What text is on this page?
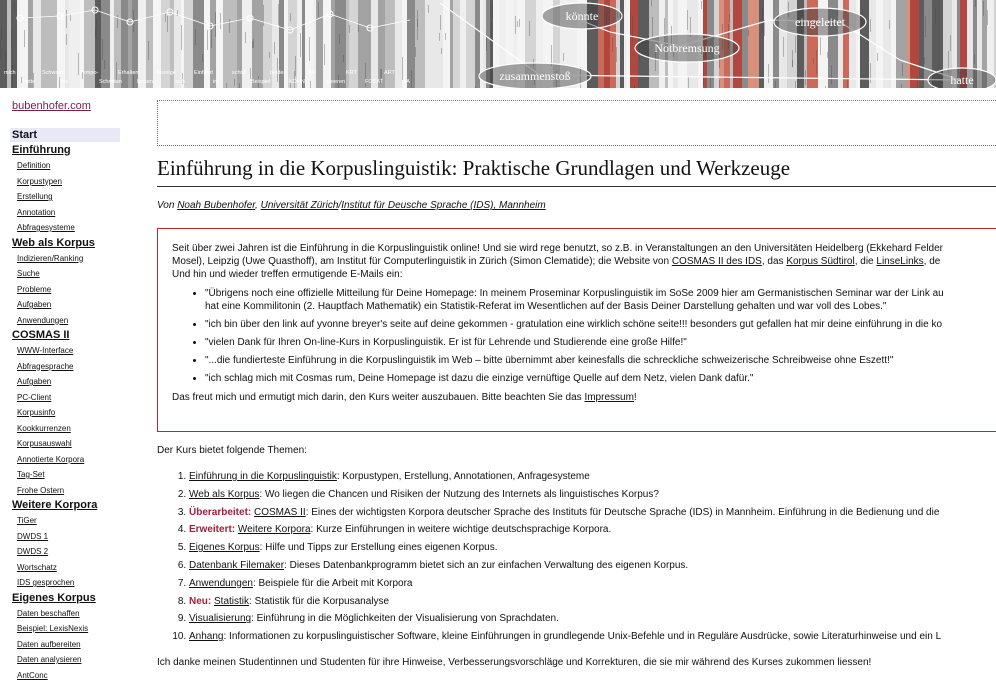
könnte
Notbremsung
eingeleitet
zusammenstoß	hatte
mich
hotte
Schwach
los
Tempo-
Schnitten
Erhalten
lassen
Anzeige
sich
Einfahrt
in
schrift
Beispiel
beider
KOHN
AR
Heeren
KRT
FOSAT
ART
VA
bubenhofer.com
Start
Einführung
Definition
Korpustypen
Erstellung
Annotation
Abfragesysteme
Web als Korpus
Indizieren/Ranking
Suche
Probleme
Aufgaben
Anwendungen
COSMAS II
WWW-Interface
Abfragesprache
Aufgaben
PC-Client
Korpusinfo
Kookkurrenzen
Korpusauswahl
Annotierte Korpora
Tag-Set
Frohe Ostern
Weitere Korpora
TiGer
DWDS 1
DWDS 2
Wortschatz
IDS gesprochen
Eigenes Korpus
Daten beschaffen
Beispiel: LexisNexis
Daten aufbereiten
Daten analysieren
AntConc
Einführung in die Korpuslinguistik: Praktische Grundlagen und Werkzeuge
Von Noah Bubenhofer, Universität Zürich/Institut für Deusche Sprache (IDS), Mannheim

Seit über zwei Jahren ist die Einführung in die Korpuslinguistik online! Und sie wird rege benutzt, so z.B. in Veranstaltungen an den Universitäten Heidelberg (Ekkehard Felder
Mosel), Leipzig (Uwe Quasthoff), am Institut für Computerlinguistik in Zürich (Simon Clematide); die Website von COSMAS II des IDS, das Korpus Südtirol, die LinseLinks, de
Und hin und wieder treffen ermutigende E-Mails ein:

• "Übrigens noch eine offizielle Mitteilung für Deine Homepage: In meinem Proseminar Korpuslinguistik im SoSe 2009 hier am Germanistischen Seminar war der Link au
hat eine Kommilitonin (2. Hauptfach Mathematik) ein Statistik-Referat im Wesentlichen auf der Basis Deiner Darstellung gehalten und war voll des Lobes."
• "ich bin über den link auf yvonne breyer's seite auf deine gekommen - gratulation eine wirklich schöne seite!!! besonders gut gefallen hat mir deine einführung in die ko
• "vielen Dank für Ihren On-line-Kurs in Korpuslinguistik. Er ist für Lehrende und Studierende eine große Hilfe!"
• "...die fundierteste Einführung in die Korpuslinguistik im Web – bitte übernimmt aber keinesfalls die schreckliche schweizerische Schreibweise ohne Eszett!"
• "ich schlag mich mit Cosmas rum, Deine Homepage ist dazu die einzige vernüftige Quelle auf dem Netz, vielen Dank dafür."

Das freut mich und ermutigt mich darin, den Kurs weiter auszubauen. Bitte beachten Sie das Impressum!

Der Kurs bietet folgende Themen:
1. Einführung in die Korpuslinguistik: Korpustypen, Erstellung, Annotationen, Anfragesysteme
2. Web als Korpus: Wo liegen die Chancen und Risiken der Nutzung des Internets als linguistisches Korpus?
3. Überarbeitet: COSMAS II: Eines der wichtigsten Korpora deutscher Sprache des Instituts für Deutsche Sprache (IDS) in Mannheim. Einführung in die Bedienung und die
4. Erweitert: Weitere Korpora: Kurze Einführungen in weitere wichtige deutschsprachige Korpora.
5. Eigenes Korpus: Hilfe und Tipps zur Erstellung eines eigenen Korpus.
6. Datenbank Filemaker: Dieses Datenbankprogramm bietet sich an zur einfachen Verwaltung des eigenen Korpus.
7. Anwendungen: Beispiele für die Arbeit mit Korpora
8. Neu: Statistik: Statistik für die Korpusanalyse
9. Visualisierung: Einführung in die Möglichkeiten der Visualisierung von Sprachdaten.
10. Anhang: Informationen zu korpuslinguistischer Software, kleine Einführungen in grundlegende Unix-Befehle und in Reguläre Ausdrücke, sowie Literaturhinweise und ein L
Ich danke meinen Studentinnen und Studenten für ihre Hinweise, Verbesserungsvorschläge und Korrekturen, die sie mir während des Kurses zukommen liessen!
